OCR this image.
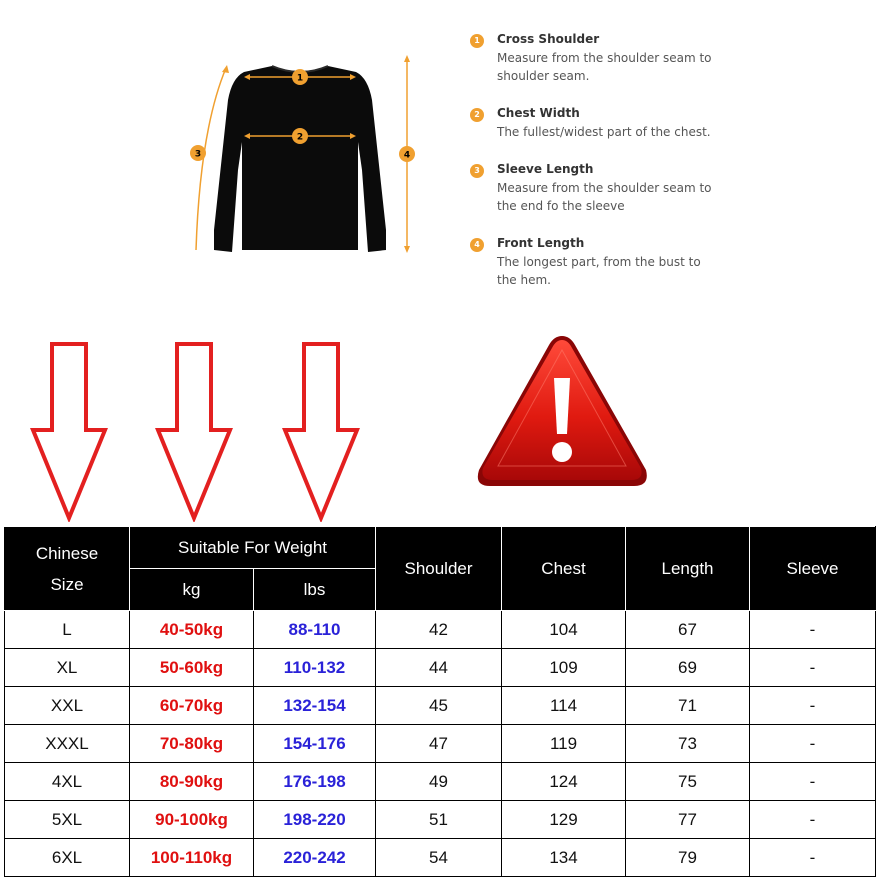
1
2
3	4
1	Cross Shoulder
Measure from the shoulder seam to shoulder seam.
2	Chest Width
The fullest/widest part of the chest.
3	Sleeve Length
Measure from the shoulder seam to the end fo the sleeve
4	Front Length
The longest part, from the bust to the hem.
Chinese Size	Suitable For Weight		Shoulder	Chest	Length	Sleeve
	kg	lbs				
L	40-50kg	88-110	42	104	67	-
XL	50-60kg	110-132	44	109	69	-
XXL	60-70kg	132-154	45	114	71	-
XXXL	70-80kg	154-176	47	119	73	-
4XL	80-90kg	176-198	49	124	75	-
5XL	90-100kg	198-220	51	129	77	-
6XL	100-110kg	220-242	54	134	79	-
